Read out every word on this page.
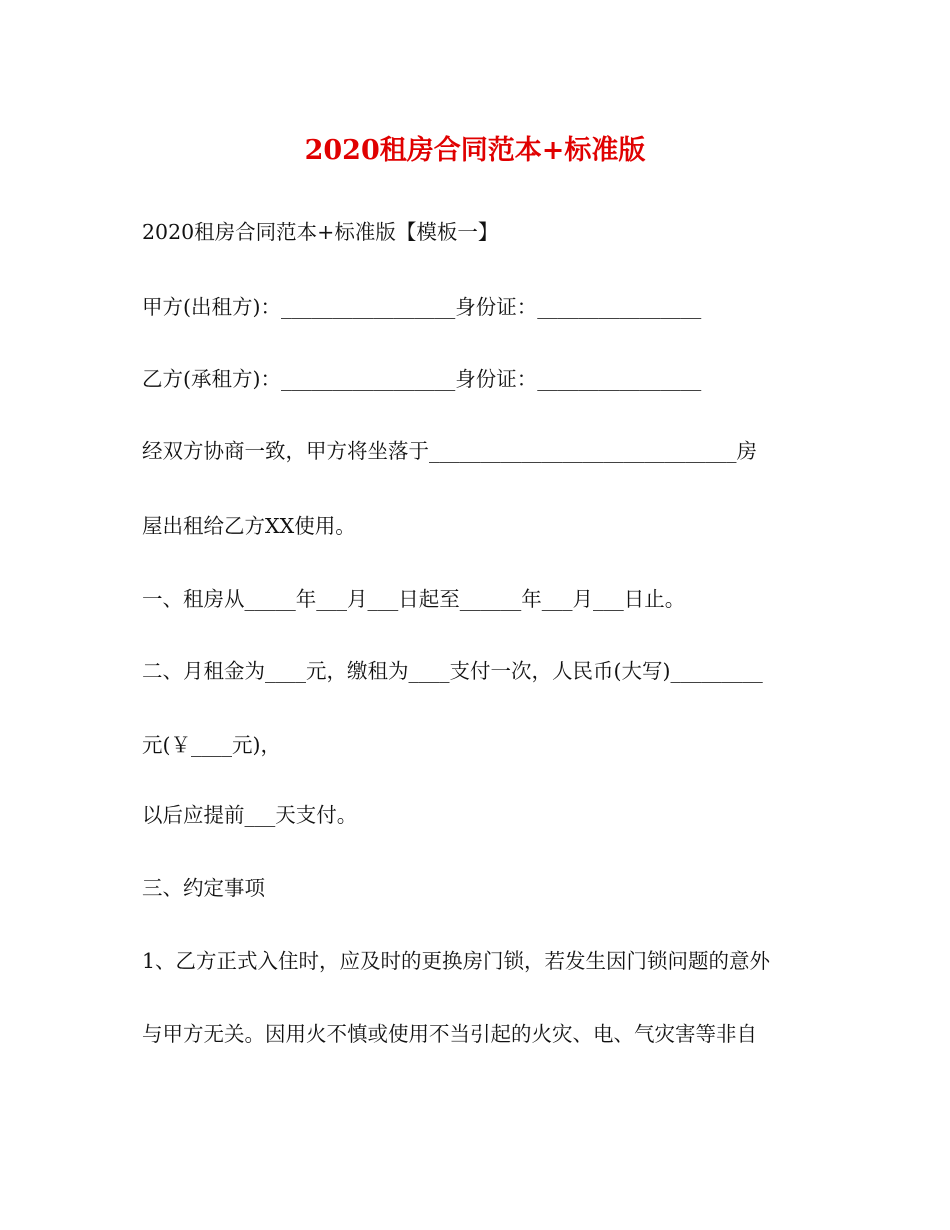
2020租房合同范本+标准版
2020租房合同范本+标准版【模板一】
甲方(出租方)：_________________身份证：________________
乙方(承租方)：_________________身份证：________________
经双方协商一致，甲方将坐落于______________________________房
屋出租给乙方XX使用。
一、租房从_____年___月___日起至______年___月___日止。
二、月租金为____元，缴租为____支付一次，人民币(大写)_________
元(￥____元)，
以后应提前___天支付。
三、约定事项
1、乙方正式入住时，应及时的更换房门锁，若发生因门锁问题的意外
与甲方无关。因用火不慎或使用不当引起的火灾、电、气灾害等非自
